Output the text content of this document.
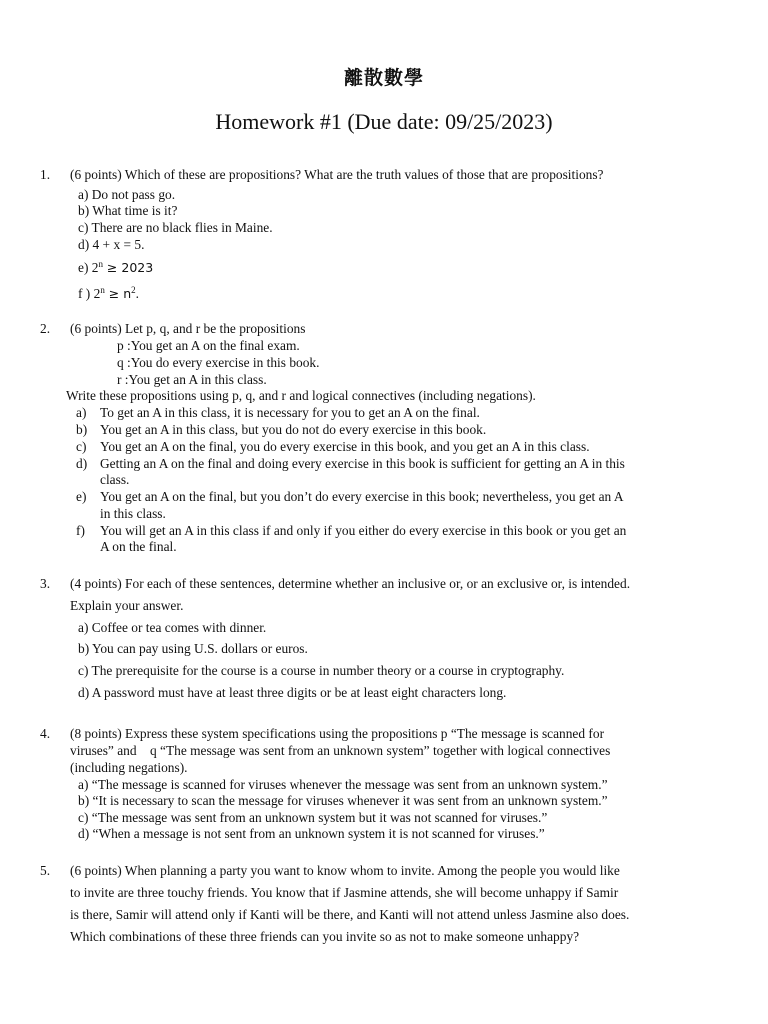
離散數學
Homework #1 (Due date: 09/25/2023)
1. (6 points) Which of these are propositions? What are the truth values of those that are propositions?
a) Do not pass go.
b) What time is it?
c) There are no black flies in Maine.
d) 4 + x = 5.
e) $2^n \ge 2023$
f ) $2^n \ge n^2$.
2. (6 points) Let p, q, and r be the propositions
p :You get an A on the final exam.
q :You do every exercise in this book.
r :You get an A in this class.
Write these propositions using p, q, and r and logical connectives (including negations).
a) To get an A in this class, it is necessary for you to get an A on the final.
b) You get an A in this class, but you do not do every exercise in this book.
c) You get an A on the final, you do every exercise in this book, and you get an A in this class.
d) Getting an A on the final and doing every exercise in this book is sufficient for getting an A in this
class.
e) You get an A on the final, but you don’t do every exercise in this book; nevertheless, you get an A
in this class.
f) You will get an A in this class if and only if you either do every exercise in this book or you get an
A on the final.
3. (4 points) For each of these sentences, determine whether an inclusive or, or an exclusive or, is intended.
Explain your answer.
a) Coffee or tea comes with dinner.
b) You can pay using U.S. dollars or euros.
c) The prerequisite for the course is a course in number theory or a course in cryptography.
d) A password must have at least three digits or be at least eight characters long.
4. (8 points) Express these system specifications using the propositions p “The message is scanned for
viruses” and    q “The message was sent from an unknown system” together with logical connectives
(including negations).
a) “The message is scanned for viruses whenever the message was sent from an unknown system.”
b) “It is necessary to scan the message for viruses whenever it was sent from an unknown system.”
c) “The message was sent from an unknown system but it was not scanned for viruses.”
d) “When a message is not sent from an unknown system it is not scanned for viruses.”
5. (6 points) When planning a party you want to know whom to invite. Among the people you would like
to invite are three touchy friends. You know that if Jasmine attends, she will become unhappy if Samir
is there, Samir will attend only if Kanti will be there, and Kanti will not attend unless Jasmine also does.
Which combinations of these three friends can you invite so as not to make someone unhappy?
